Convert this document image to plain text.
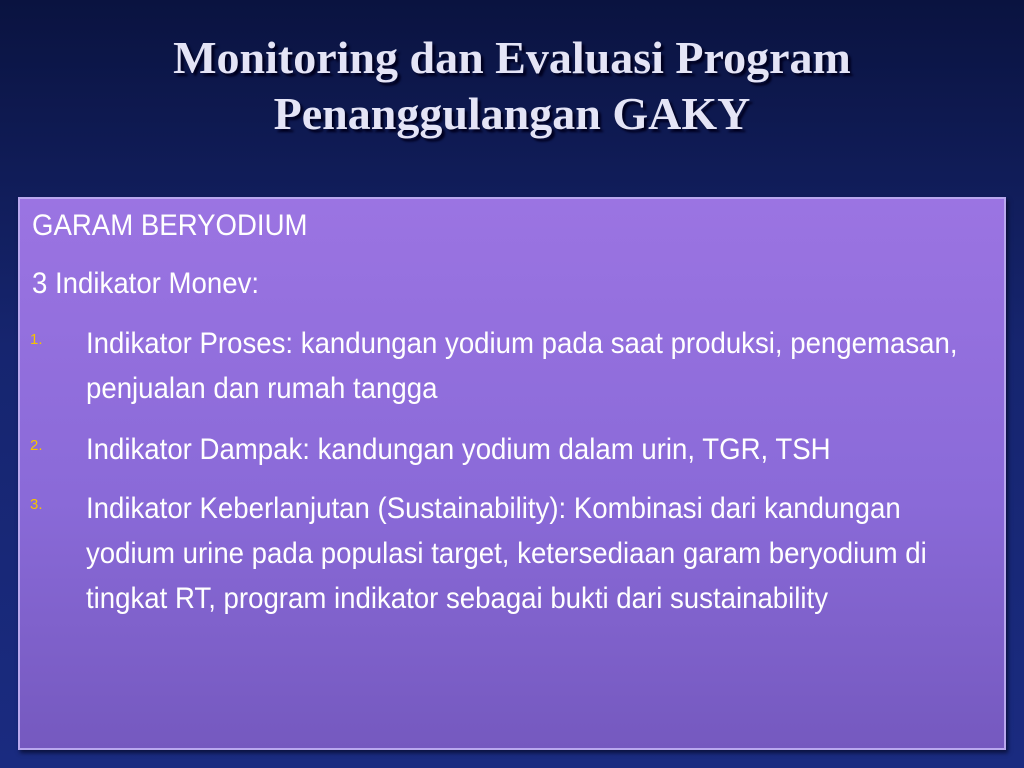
Monitoring dan Evaluasi Program
Penanggulangan GAKY
GARAM BERYODIUM
3 Indikator Monev:
1. Indikator Proses: kandungan yodium pada saat produksi, pengemasan, penjualan dan rumah tangga
2. Indikator Dampak: kandungan yodium dalam urin, TGR, TSH
3. Indikator Keberlanjutan (Sustainability): Kombinasi dari kandungan yodium urine pada populasi target, ketersediaan garam beryodium di tingkat RT, program indikator sebagai bukti dari sustainability
